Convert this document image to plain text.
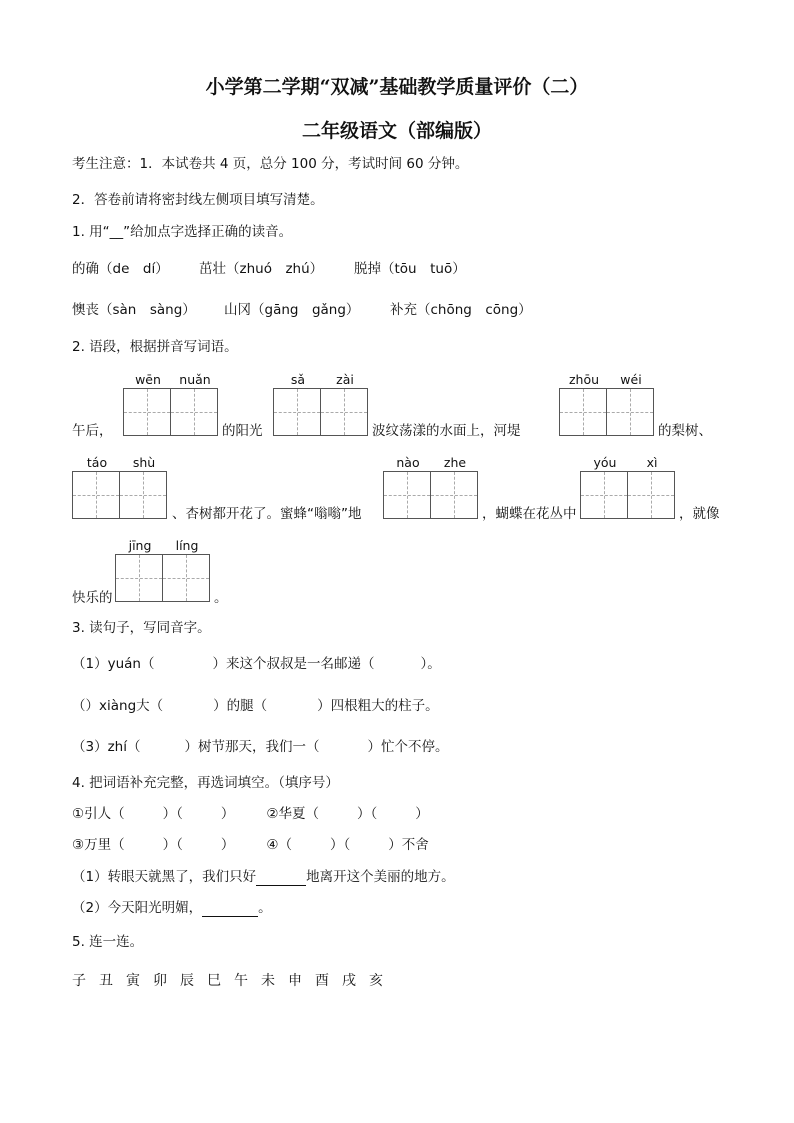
小学第二学期“双减”基础教学质量评价（二）
二年级语文（部编版）
考生注意：1．本试卷共 4 页，总分 100 分，考试时间 60 分钟。
2．答卷前请将密封线左侧项目填写清楚。
1. 用“__”给加点字选择正确的读音。
的确（de　dí） 茁壮（zhuó　zhú） 脱掉（tōu　tuō）
懊丧（sàn　sàng） 山冈（gāng　gǎng） 补充（chōng　cōng）
2. 语段，根据拼音写词语。
午后，
wēn	nuǎn
的阳光
sǎ	zài
波纹荡漾的水面上，河堤
zhōu	wéi
的梨树、
táo	shù
、杏树都开花了。蜜蜂“嗡嗡”地
nào	zhe
，蝴蝶在花丛中
yóu	xì
，就像
快乐的
jīng	líng
。
3. 读句子，写同音字。
（1）yuán（	）来这个叔叔是一名邮递（	）。
（）xiàng大（	）的腿（	）四根粗大的柱子。
（3）zhí（	）树节那天，我们一（	）忙个不停。
4. 把词语补充完整，再选词填空。（填序号）
①引人（	）（	） ②华夏（	）（	）
③万里（	）（	） ④（	）（	）不舍
（1）转眼天就黑了，我们只好	地离开这个美丽的地方。
（2）今天阳光明媚，	。
5. 连一连。
子 丑 寅 卯 辰 巳 午 未 申 酉 戌 亥
